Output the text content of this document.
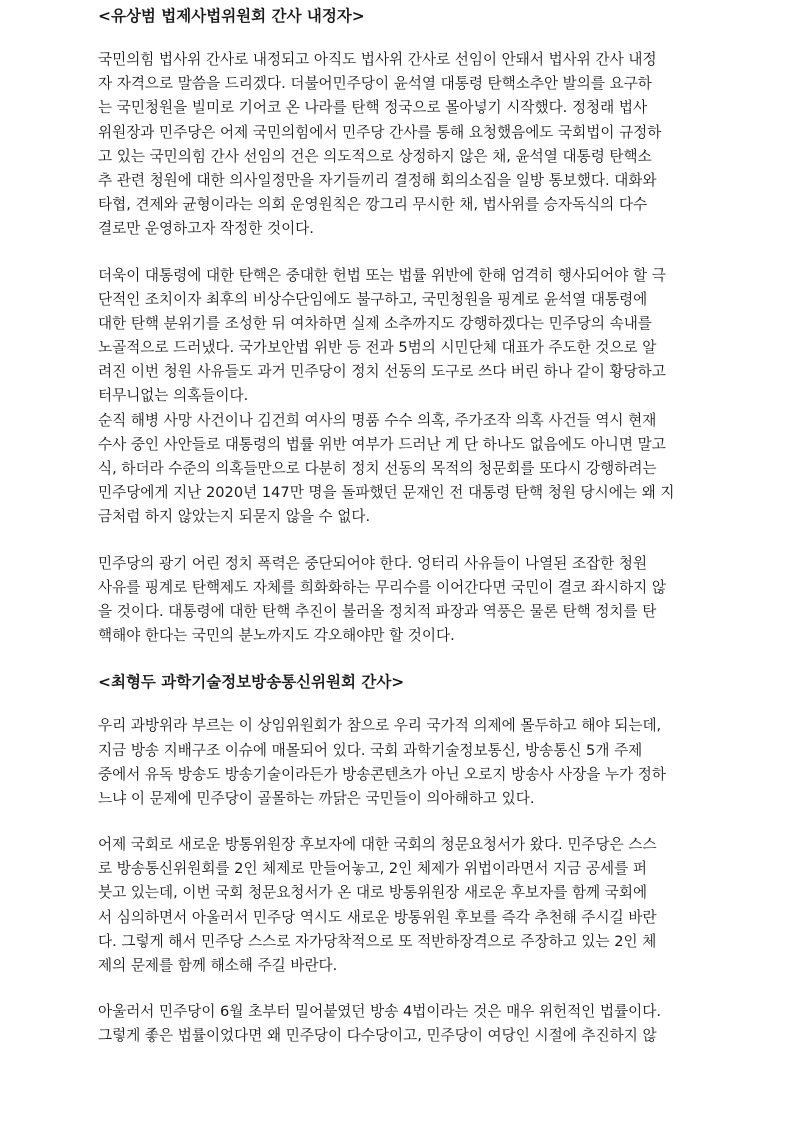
<유상범 법제사법위원회 간사 내정자>

국민의힘 법사위 간사로 내정되고 아직도 법사위 간사로 선임이 안돼서 법사위 간사 내정
자 자격으로 말씀을 드리겠다. 더불어민주당이 윤석열 대통령 탄핵소추안 발의를 요구하
는 국민청원을 빌미로 기어코 온 나라를 탄핵 정국으로 몰아넣기 시작했다. 정청래 법사
위원장과 민주당은 어제 국민의힘에서 민주당 간사를 통해 요청했음에도 국회법이 규정하
고 있는 국민의힘 간사 선임의 건은 의도적으로 상정하지 않은 채, 윤석열 대통령 탄핵소
추 관련 청원에 대한 의사일정만을 자기들끼리 결정해 회의소집을 일방 통보했다. 대화와
타협, 견제와 균형이라는 의회 운영원칙은 깡그리 무시한 채, 법사위를 승자독식의 다수
결로만 운영하고자 작정한 것이다.

더욱이 대통령에 대한 탄핵은 중대한 헌법 또는 법률 위반에 한해 엄격히 행사되어야 할 극
단적인 조치이자 최후의 비상수단임에도 불구하고, 국민청원을 핑계로 윤석열 대통령에
대한 탄핵 분위기를 조성한 뒤 여차하면 실제 소추까지도 강행하겠다는 민주당의 속내를
노골적으로 드러냈다. 국가보안법 위반 등 전과 5범의 시민단체 대표가 주도한 것으로 알
려진 이번 청원 사유들도 과거 민주당이 정치 선동의 도구로 쓰다 버린 하나 같이 황당하고
터무니없는 의혹들이다.
순직 해병 사망 사건이나 김건희 여사의 명품 수수 의혹, 주가조작 의혹 사건들 역시 현재
수사 중인 사안들로 대통령의 법률 위반 여부가 드러난 게 단 하나도 없음에도 아니면 말고
식, 하더라 수준의 의혹들만으로 다분히 정치 선동의 목적의 청문회를 또다시 강행하려는
민주당에게 지난 2020년 147만 명을 돌파했던 문재인 전 대통령 탄핵 청원 당시에는 왜 지
금처럼 하지 않았는지 되묻지 않을 수 없다.

민주당의 광기 어린 정치 폭력은 중단되어야 한다. 엉터리 사유들이 나열된 조잡한 청원
사유를 핑계로 탄핵제도 자체를 희화화하는 무리수를 이어간다면 국민이 결코 좌시하지 않
을 것이다. 대통령에 대한 탄핵 추진이 불러올 정치적 파장과 역풍은 물론 탄핵 정치를 탄
핵해야 한다는 국민의 분노까지도 각오해야만 할 것이다.

<최형두 과학기술정보방송통신위원회 간사>

우리 과방위라 부르는 이 상임위원회가 참으로 우리 국가적 의제에 몰두하고 해야 되는데,
지금 방송 지배구조 이슈에 매몰되어 있다. 국회 과학기술정보통신, 방송통신 5개 주제
중에서 유독 방송도 방송기술이라든가 방송콘텐츠가 아닌 오로지 방송사 사장을 누가 정하
느냐 이 문제에 민주당이 골몰하는 까닭은 국민들이 의아해하고 있다.

어제 국회로 새로운 방통위원장 후보자에 대한 국회의 청문요청서가 왔다. 민주당은 스스
로 방송통신위원회를 2인 체제로 만들어놓고, 2인 체제가 위법이라면서 지금 공세를 퍼
붓고 있는데, 이번 국회 청문요청서가 온 대로 방통위원장 새로운 후보자를 함께 국회에
서 심의하면서 아울러서 민주당 역시도 새로운 방통위원 후보를 즉각 추천해 주시길 바란
다. 그렇게 해서 민주당 스스로 자가당착적으로 또 적반하장격으로 주장하고 있는 2인 체
제의 문제를 함께 해소해 주길 바란다.

아울러서 민주당이 6월 초부터 밀어붙였던 방송 4법이라는 것은 매우 위헌적인 법률이다.
그렇게 좋은 법률이었다면 왜 민주당이 다수당이고, 민주당이 여당인 시절에 추진하지 않
